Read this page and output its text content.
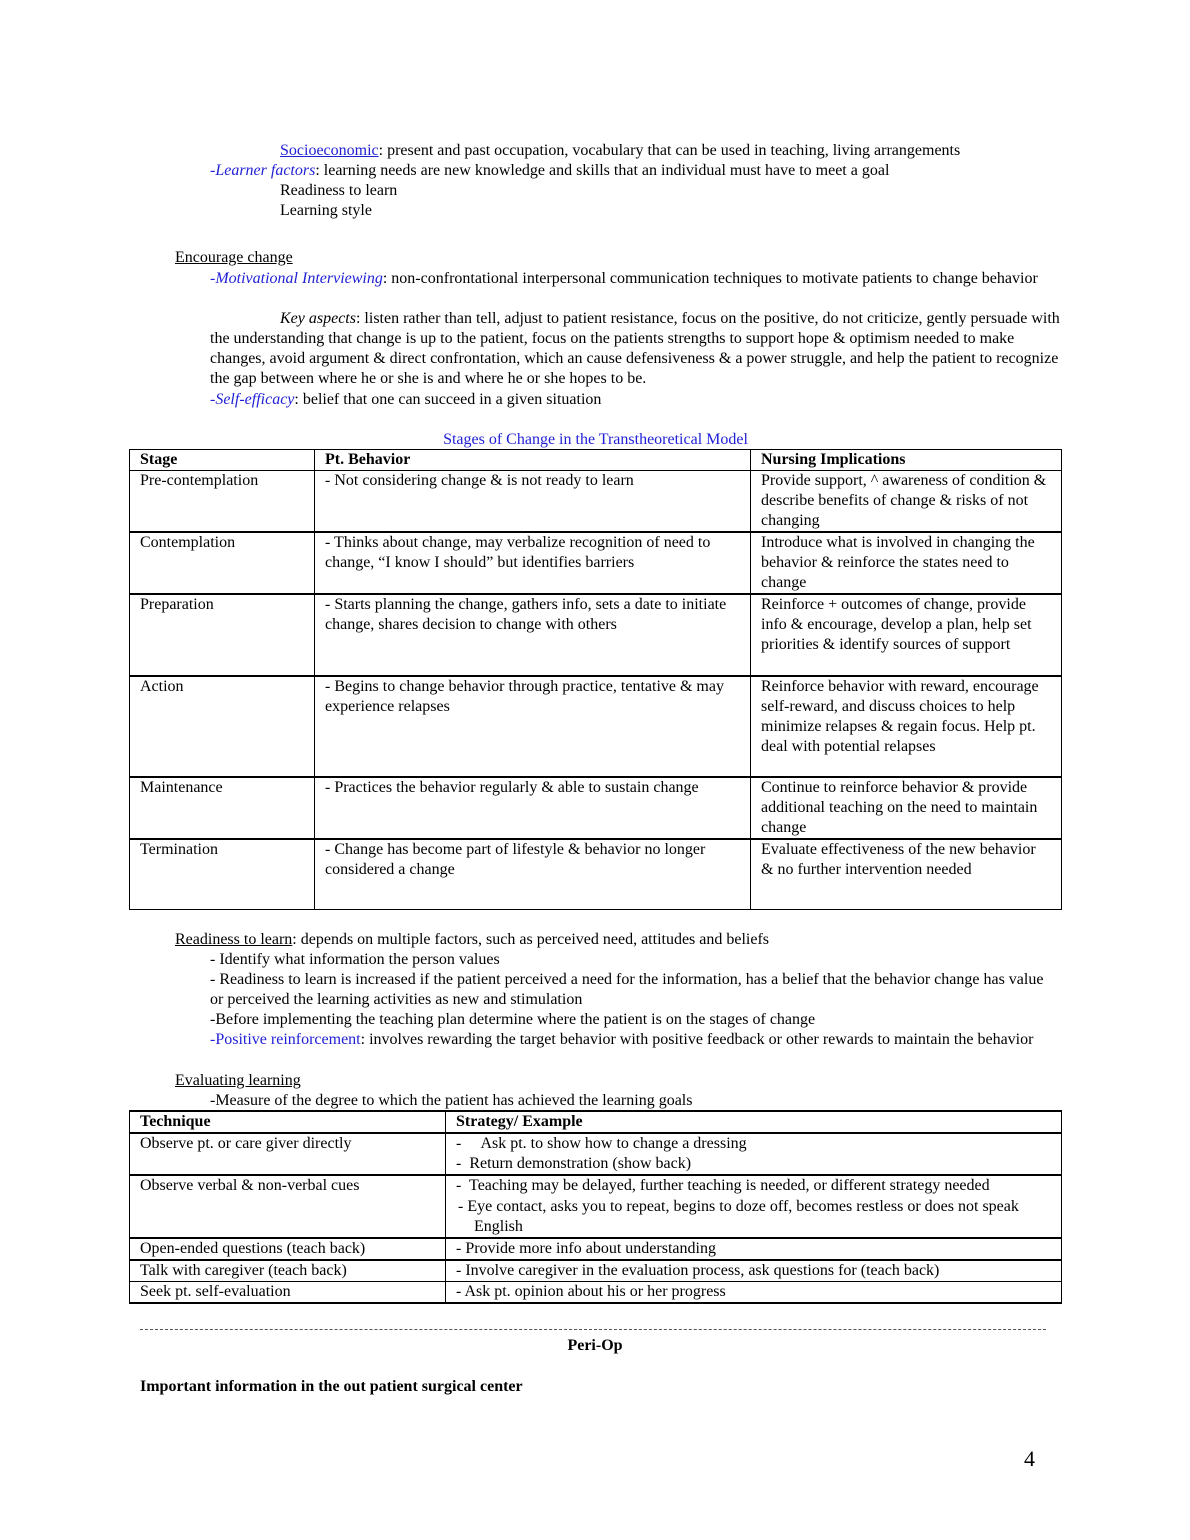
Socioeconomic: present and past occupation, vocabulary that can be used in teaching, living arrangements
-Learner factors: learning needs are new knowledge and skills that an individual must have to meet a goal
Readiness to learn
Learning style
Encourage change
-Motivational Interviewing: non-confrontational interpersonal communication techniques to motivate patients to change behavior
Key aspects: listen rather than tell, adjust to patient resistance, focus on the positive, do not criticize, gently persuade with the understanding that change is up to the patient, focus on the patients strengths to support hope & optimism needed to make changes, avoid argument & direct confrontation, which an cause defensiveness & a power struggle, and help the patient to recognize the gap between where he or she is and where he or she hopes to be.
-Self-efficacy: belief that one can succeed in a given situation
Stages of Change in the Transtheoretical Model
Stage	Pt. Behavior	Nursing Implications
Pre-contemplation	- Not considering change & is not ready to learn	Provide support, ^ awareness of condition & describe benefits of change & risks of not changing
Contemplation	- Thinks about change, may verbalize recognition of need to change, “I know I should” but identifies barriers	Introduce what is involved in changing the behavior & reinforce the states need to change
Preparation	- Starts planning the change, gathers info, sets a date to initiate change, shares decision to change with others	Reinforce + outcomes of change, provide info & encourage, develop a plan, help set priorities & identify sources of support
Action	- Begins to change behavior through practice, tentative & may experience relapses	Reinforce behavior with reward, encourage self-reward, and discuss choices to help minimize relapses & regain focus. Help pt. deal with potential relapses
Maintenance	- Practices the behavior regularly & able to sustain change	Continue to reinforce behavior & provide additional teaching on the need to maintain change
Termination	- Change has become part of lifestyle & behavior no longer considered a change	Evaluate effectiveness of the new behavior & no further intervention needed
Readiness to learn: depends on multiple factors, such as perceived need, attitudes and beliefs
- Identify what information the person values
- Readiness to learn is increased if the patient perceived a need for the information, has a belief that the behavior change has value or perceived the learning activities as new and stimulation
-Before implementing the teaching plan determine where the patient is on the stages of change
-Positive reinforcement: involves rewarding the target behavior with positive feedback or other rewards to maintain the behavior
Evaluating learning
-Measure of the degree to which the patient has achieved the learning goals
Technique	Strategy/ Example
Observe pt. or care giver directly	-     Ask pt. to show how to change a dressing
-  Return demonstration (show back)

Observe verbal & non-verbal cues	-  Teaching may be delayed, further teaching is needed, or different strategy needed
- Eye contact, asks you to repeat, begins to doze off, becomes restless or does not speak English

Open-ended questions (teach back)	- Provide more info about understanding
Talk with caregiver (teach back)	- Involve caregiver in the evaluation process, ask questions for (teach back)
Seek pt. self-evaluation	- Ask pt. opinion about his or her progress
Peri-Op
Important information in the out patient surgical center
4
